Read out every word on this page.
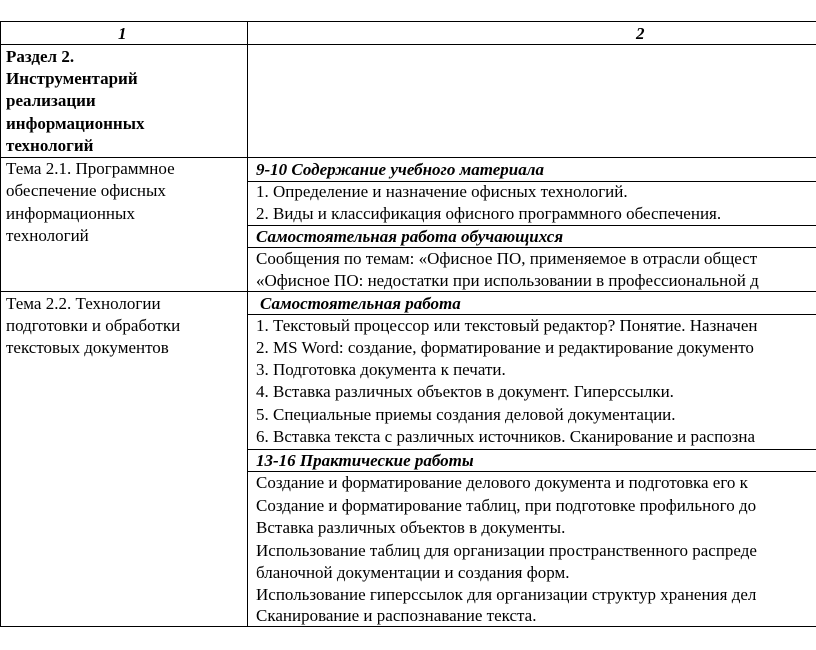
1	2
Раздел 2.
Инструментарий
реализации
информационных
технологий
Тема 2.1. Программное
обеспечение офисных
информационных
технологий
9-10 Содержание учебного материала
1. Определение и назначение офисных технологий.
2. Виды и классификация офисного программного обеспечения.
Самостоятельная работа обучающихся
Сообщения по темам: «Офисное ПО, применяемое в отрасли общест
«Офисное ПО: недостатки при использовании в профессиональной д
Тема 2.2. Технологии
подготовки и обработки
текстовых документов
Самостоятельная работа
1. Текстовый процессор или текстовый редактор? Понятие. Назначен
2. MS Word: создание, форматирование и редактирование документо
3. Подготовка документа к печати.
4. Вставка различных объектов в документ. Гиперссылки.
5. Специальные приемы создания деловой документации.
6. Вставка текста с различных источников. Сканирование и распозна
13-16 Практические работы
Создание и форматирование делового документа и подготовка его к
Создание и форматирование таблиц, при подготовке профильного до
Вставка различных объектов в документы.
Использование таблиц для организации пространственного распреде
бланочной документации и создания форм.
Использование гиперссылок для организации структур хранения дел
Сканирование и распознавание текста.
